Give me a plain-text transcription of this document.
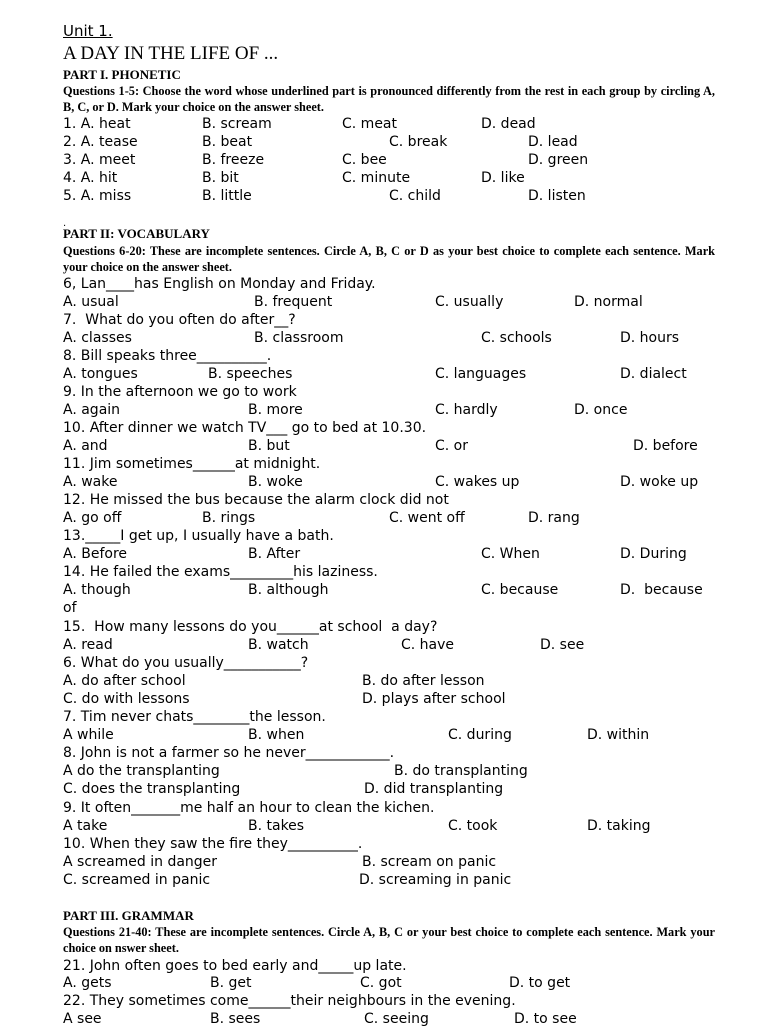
Unit 1.
A DAY IN THE LIFE OF ...
PART I. PHONETIC
Questions 1-5: Choose the word whose underlined part is pronounced differently from the rest in each group by circling A, B, C, or D. Mark your choice on the answer sheet.
1. A. heat	B. scream	C. meat	D. dead
2. A. tease	B. beat	C. break	D. lead
3. A. meet	B. freeze	C. bee	D. green
4. A. hit	B. bit	C. minute	D. like
5. A. miss	B. little	C. child	D. listen
.
PART II: VOCABULARY
Questions 6-20: These are incomplete sentences. Circle A, B, C or D as your best choice to complete each sentence. Mark your choice on the answer sheet.
6, Lan____has English on Monday and Friday.
A. usual	B. frequent	C. usually	D. normal
7.  What do you often do after__?
A. classes	B. classroom	C. schools	D. hours
8. Bill speaks three__________.
A. tongues	B. speeches	C. languages	D. dialect
9. In the afternoon we go to work
A. again	B. more	C. hardly	D. once
10. After dinner we watch TV___ go to bed at 10.30.
A. and	B. but	C. or	D. before
11. Jim sometimes______at midnight.
A. wake	B. woke	C. wakes up	D. woke up
12. He missed the bus because the alarm clock did not
A. go off	B. rings	C. went off	D. rang
13._____I get up, I usually have a bath.
A. Before	B. After	C. When	D. During
14. He failed the exams_________his laziness.
A. though	B. although	C. because	D.  because
of
15.  How many lessons do you______at school  a day?
A. read	B. watch	C. have	D. see
6. What do you usually___________?
A. do after school	B. do after lesson
C. do with lessons	D. plays after school
7. Tim never chats________the lesson.
A while	B. when	C. during	D. within
8. John is not a farmer so he never____________.
A do the transplanting	B. do transplanting
C. does the transplanting	D. did transplanting
9. It often_______me half an hour to clean the kichen.
A take	B. takes	C. took	D. taking
10. When they saw the fire they__________.
A screamed in danger	B. scream on panic
C. screamed in panic	D. screaming in panic
PART III. GRAMMAR
Questions 21-40: These are incomplete sentences. Circle A, B, C or your best choice to complete each sentence. Mark your choice on nswer sheet.
21. John often goes to bed early and_____up late.
A. gets	B. get	C. got	D. to get
22. They sometimes come______their neighbours in the evening.
A see	B. sees	C. seeing	D. to see
